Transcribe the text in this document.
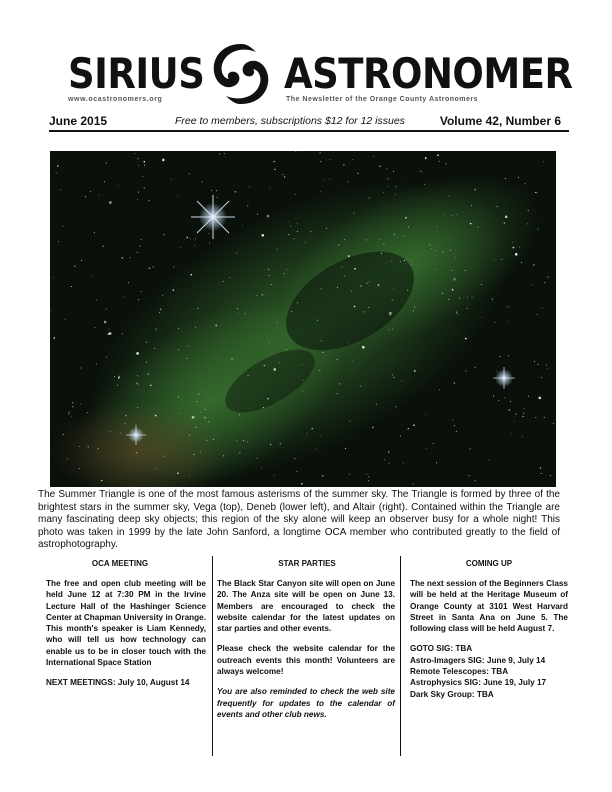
SIRIUS ASTRONOMER
www.ocastronomers.org	The Newsletter of the Orange County Astronomers
June 2015	Free to members, subscriptions $12 for 12 issues	Volume 42, Number 6
The Summer Triangle is one of the most famous asterisms of the summer sky. The Triangle is formed by three of the brightest stars in the summer sky, Vega (top), Deneb (lower left), and Altair (right). Contained within the Triangle are many fascinating deep sky objects; this region of the sky alone will keep an observer busy for a whole night! This photo was taken in 1999 by the late John Sanford, a longtime OCA member who contributed greatly to the field of astrophotography.
OCA MEETING	STAR PARTIES	COMING UP

The free and open club meeting will be held June 12 at 7:30 PM in the Irvine Lecture Hall of the Hashinger Science Center at Chapman University in Orange. This month's speaker is Liam Kennedy, who will tell us how technology can enable us to be in closer touch with the International Space Station

NEXT MEETINGS: July 10, August 14

The Black Star Canyon site will open on June 20. The Anza site will be open on June 13. Members are encouraged to check the website calendar for the latest updates on star parties and other events.

Please check the website calendar for the outreach events this month! Volunteers are always welcome!

You are also reminded to check the web site frequently for updates to the calendar of events and other club news.

The next session of the Beginners Class will be held at the Heritage Museum of Orange County at 3101 West Harvard Street in Santa Ana on June 5. The following class will be held August 7.

GOTO SIG: TBA
Astro-Imagers SIG: June 9, July 14
Remote Telescopes: TBA
Astrophysics SIG: June 19, July 17
Dark Sky Group: TBA
